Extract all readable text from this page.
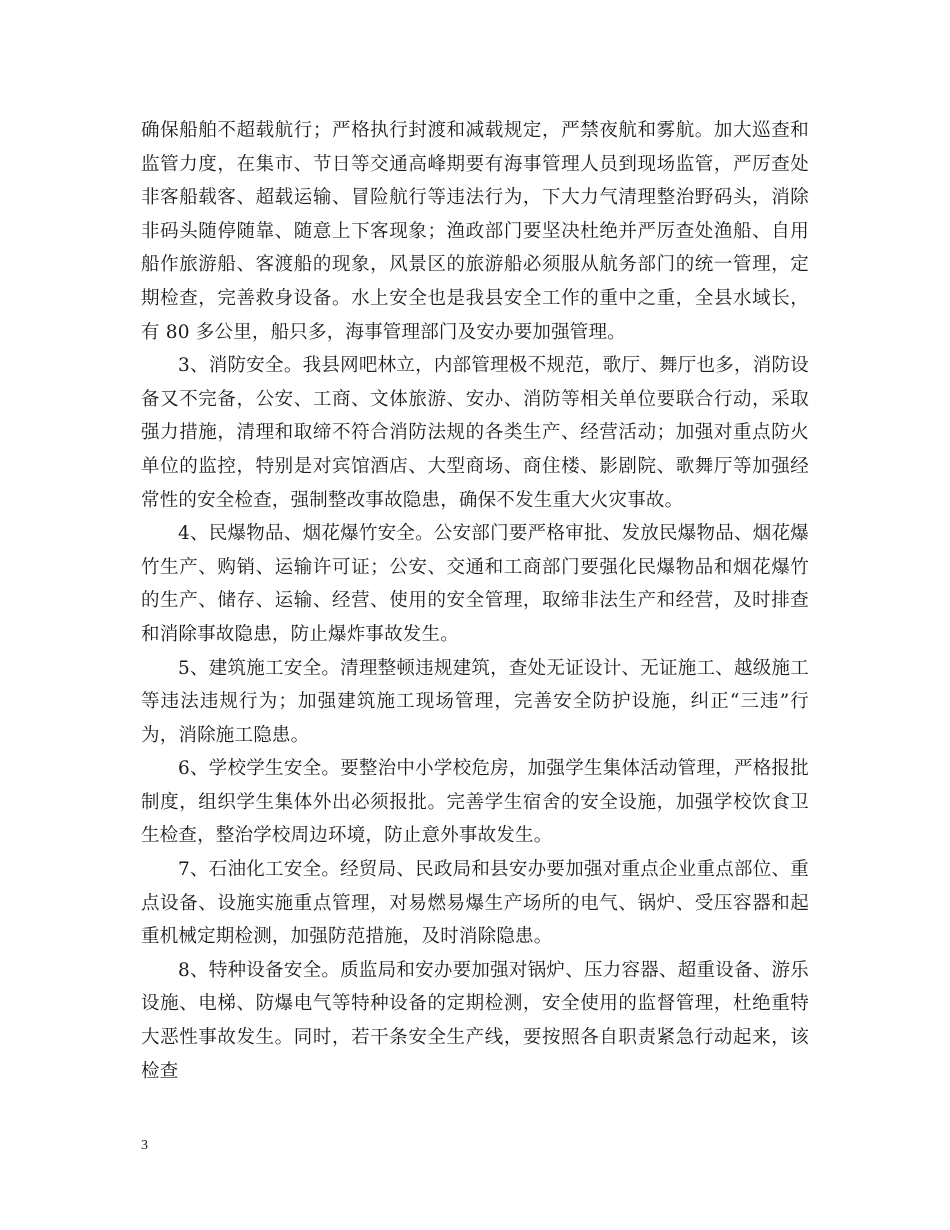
确保船舶不超载航行；严格执行封渡和减载规定，严禁夜航和雾航。加大巡查和监管力度，在集市、节日等交通高峰期要有海事管理人员到现场监管，严厉查处非客船载客、超载运输、冒险航行等违法行为，下大力气清理整治野码头，消除非码头随停随靠、随意上下客现象；渔政部门要坚决杜绝并严厉查处渔船、自用船作旅游船、客渡船的现象，风景区的旅游船必须服从航务部门的统一管理，定期检查，完善救身设备。水上安全也是我县安全工作的重中之重，全县水域长，有 80 多公里，船只多，海事管理部门及安办要加强管理。

3、消防安全。我县网吧林立，内部管理极不规范，歌厅、舞厅也多，消防设备又不完备，公安、工商、文体旅游、安办、消防等相关单位要联合行动，采取强力措施，清理和取缔不符合消防法规的各类生产、经营活动；加强对重点防火单位的监控，特别是对宾馆酒店、大型商场、商住楼、影剧院、歌舞厅等加强经常性的安全检查，强制整改事故隐患，确保不发生重大火灾事故。

4、民爆物品、烟花爆竹安全。公安部门要严格审批、发放民爆物品、烟花爆竹生产、购销、运输许可证；公安、交通和工商部门要强化民爆物品和烟花爆竹的生产、储存、运输、经营、使用的安全管理，取缔非法生产和经营，及时排查和消除事故隐患，防止爆炸事故发生。

5、建筑施工安全。清理整顿违规建筑，查处无证设计、无证施工、越级施工等违法违规行为；加强建筑施工现场管理，完善安全防护设施，纠正“三违”行为，消除施工隐患。

6、学校学生安全。要整治中小学校危房，加强学生集体活动管理，严格报批制度，组织学生集体外出必须报批。完善学生宿舍的安全设施，加强学校饮食卫生检查，整治学校周边环境，防止意外事故发生。

7、石油化工安全。经贸局、民政局和县安办要加强对重点企业重点部位、重点设备、设施实施重点管理，对易燃易爆生产场所的电气、锅炉、受压容器和起重机械定期检测，加强防范措施，及时消除隐患。

8、特种设备安全。质监局和安办要加强对锅炉、压力容器、超重设备、游乐设施、电梯、防爆电气等特种设备的定期检测，安全使用的监督管理，杜绝重特大恶性事故发生。同时，若干条安全生产线，要按照各自职责紧急行动起来，该检查

3
